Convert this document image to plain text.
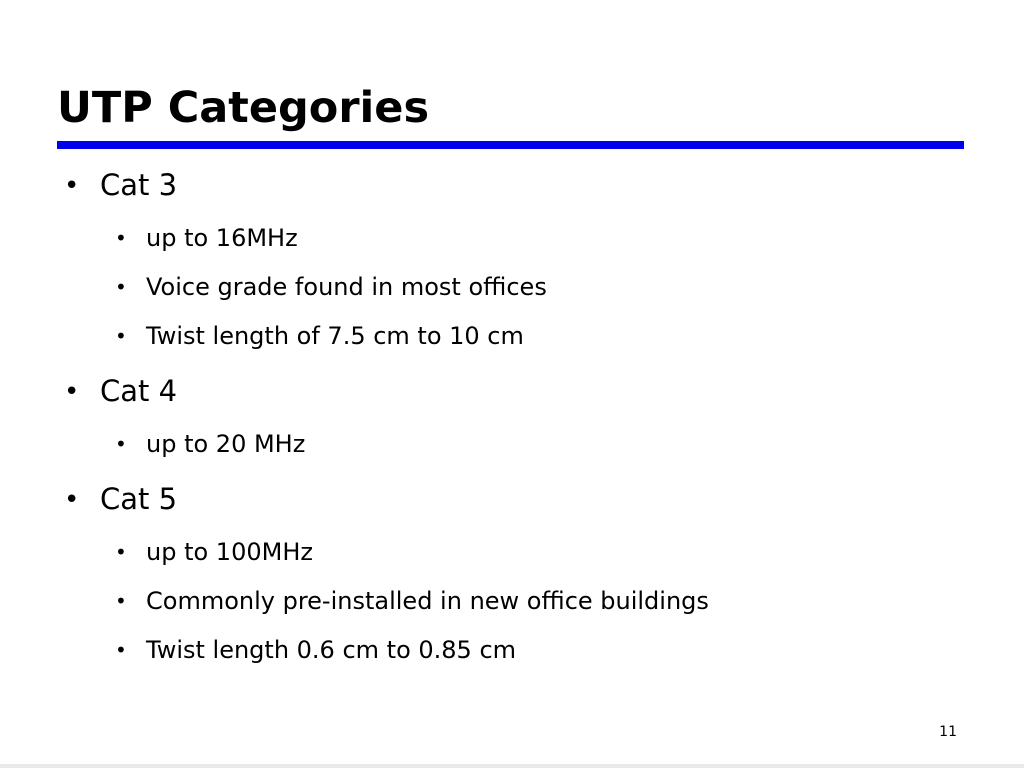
UTP Categories
• Cat 3
• up to 16MHz
• Voice grade found in most offices
• Twist length of 7.5 cm to 10 cm
• Cat 4
• up to 20 MHz
• Cat 5
• up to 100MHz
• Commonly pre-installed in new office buildings
• Twist length 0.6 cm to 0.85 cm
11
